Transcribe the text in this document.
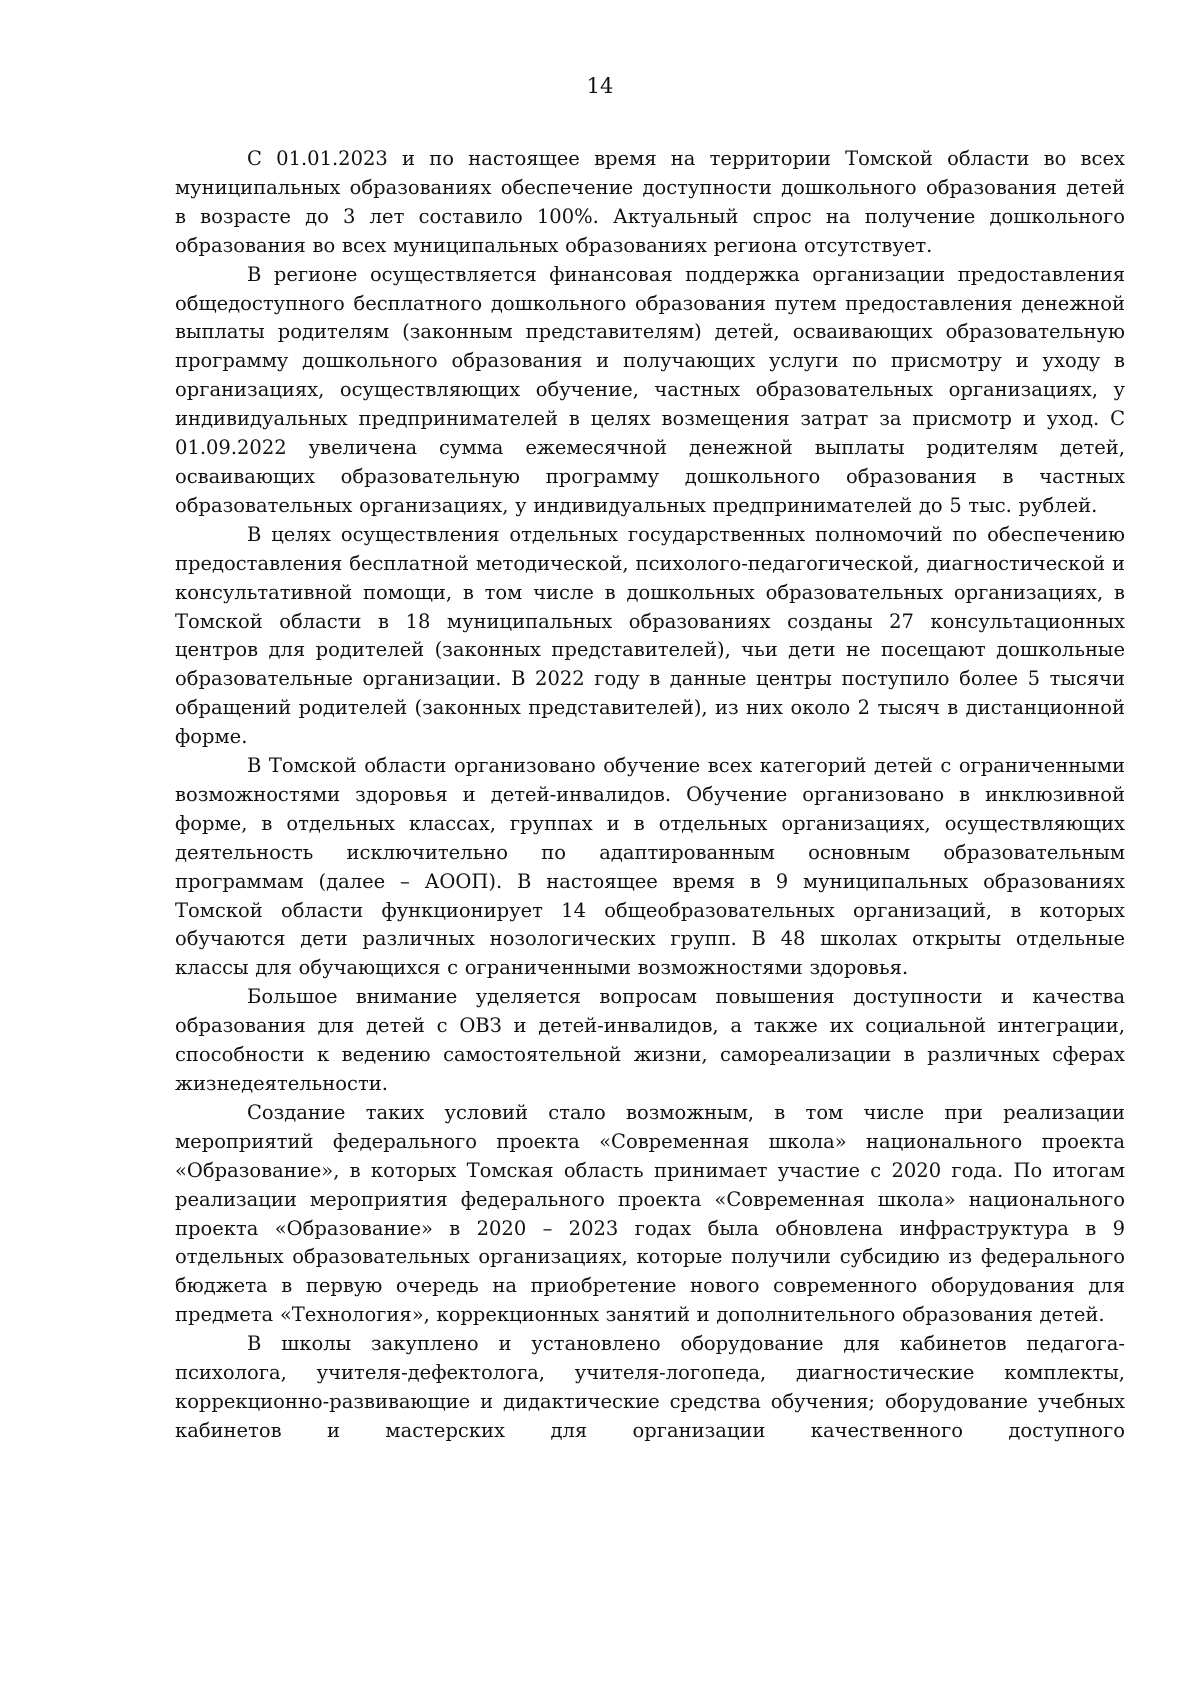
14

С 01.01.2023 и по настоящее время на территории Томской области во всех муниципальных образованиях обеспечение доступности дошкольного образования детей в возрасте до 3 лет составило 100%. Актуальный спрос на получение дошкольного образования во всех муниципальных образованиях региона отсутствует.

В регионе осуществляется финансовая поддержка организации предоставления общедоступного бесплатного дошкольного образования путем предоставления денежной выплаты родителям (законным представителям) детей, осваивающих образовательную программу дошкольного образования и получающих услуги по присмотру и уходу в организациях, осуществляющих обучение, частных образовательных организациях, у индивидуальных предпринимателей в целях возмещения затрат за присмотр и уход. С 01.09.2022 увеличена сумма ежемесячной денежной выплаты родителям детей, осваивающих образовательную программу дошкольного образования в частных образовательных организациях, у индивидуальных предпринимателей до 5 тыс. рублей.

В целях осуществления отдельных государственных полномочий по обеспечению предоставления бесплатной методической, психолого-педагогической, диагностической и консультативной помощи, в том числе в дошкольных образовательных организациях, в Томской области в 18 муниципальных образованиях созданы 27 консультационных центров для родителей (законных представителей), чьи дети не посещают дошкольные образовательные организации. В 2022 году в данные центры поступило более 5 тысячи обращений родителей (законных представителей), из них около 2 тысяч в дистанционной форме.

В Томской области организовано обучение всех категорий детей с ограниченными возможностями здоровья и детей-инвалидов. Обучение организовано в инклюзивной форме, в отдельных классах, группах и в отдельных организациях, осуществляющих деятельность исключительно по адаптированным основным образовательным программам (далее – АООП). В настоящее время в 9 муниципальных образованиях Томской области функционирует 14 общеобразовательных организаций, в которых обучаются дети различных нозологических групп. В 48 школах открыты отдельные классы для обучающихся с ограниченными возможностями здоровья.

Большое внимание уделяется вопросам повышения доступности и качества образования для детей с ОВЗ и детей-инвалидов, а также их социальной интеграции, способности к ведению самостоятельной жизни, самореализации в различных сферах жизнедеятельности.

Создание таких условий стало возможным, в том числе при реализации мероприятий федерального проекта «Современная школа» национального проекта «Образование», в которых Томская область принимает участие с 2020 года. По итогам реализации мероприятия федерального проекта «Современная школа» национального проекта «Образование» в 2020 – 2023 годах была обновлена инфраструктура в 9 отдельных образовательных организациях, которые получили субсидию из федерального бюджета в первую очередь на приобретение нового современного оборудования для предмета «Технология», коррекционных занятий и дополнительного образования детей.

В школы закуплено и установлено оборудование для кабинетов педагога-психолога, учителя-дефектолога, учителя-логопеда, диагностические комплекты, коррекционно-развивающие и дидактические средства обучения; оборудование учебных кабинетов и мастерских для организации качественного доступного
